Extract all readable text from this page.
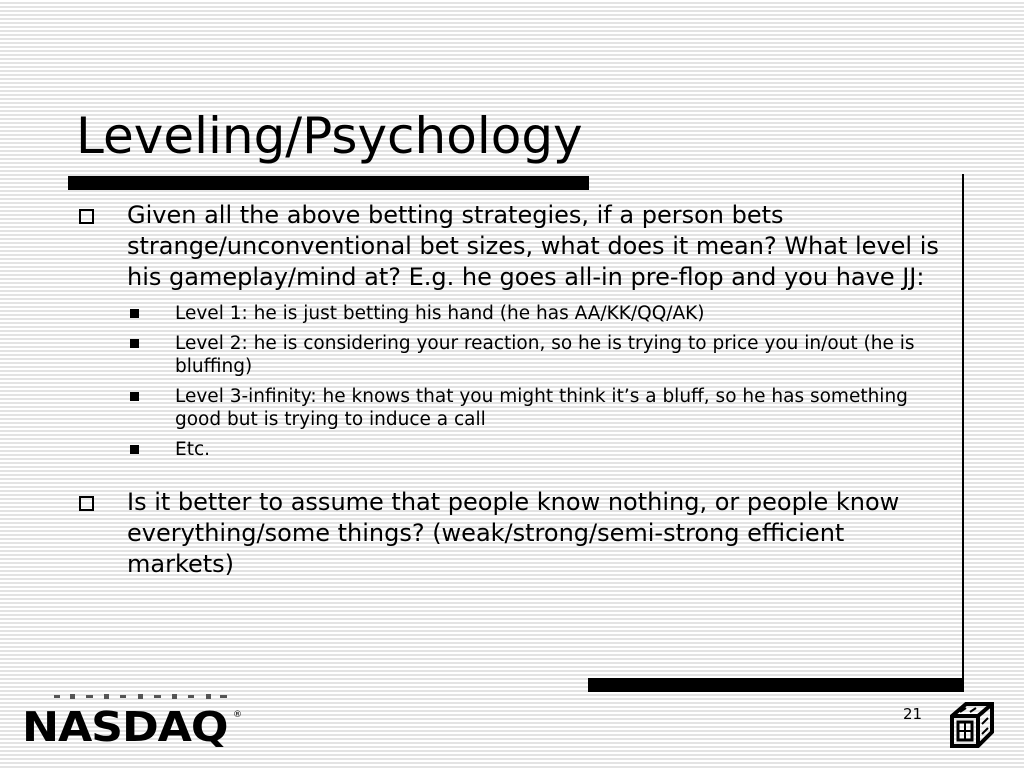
Leveling/Psychology
Given all the above betting strategies, if a person bets strange/unconventional bet sizes, what does it mean? What level is his gameplay/mind at? E.g. he goes all-in pre-flop and you have JJ:
Level 1: he is just betting his hand (he has AA/KK/QQ/AK)
Level 2: he is considering your reaction, so he is trying to price you in/out (he is bluffing)
Level 3-infinity: he knows that you might think it’s a bluff, so he has something good but is trying to induce a call
Etc.
Is it better to assume that people know nothing, or people know everything/some things? (weak/strong/semi-strong efficient markets)
NASDAQ ®	21
